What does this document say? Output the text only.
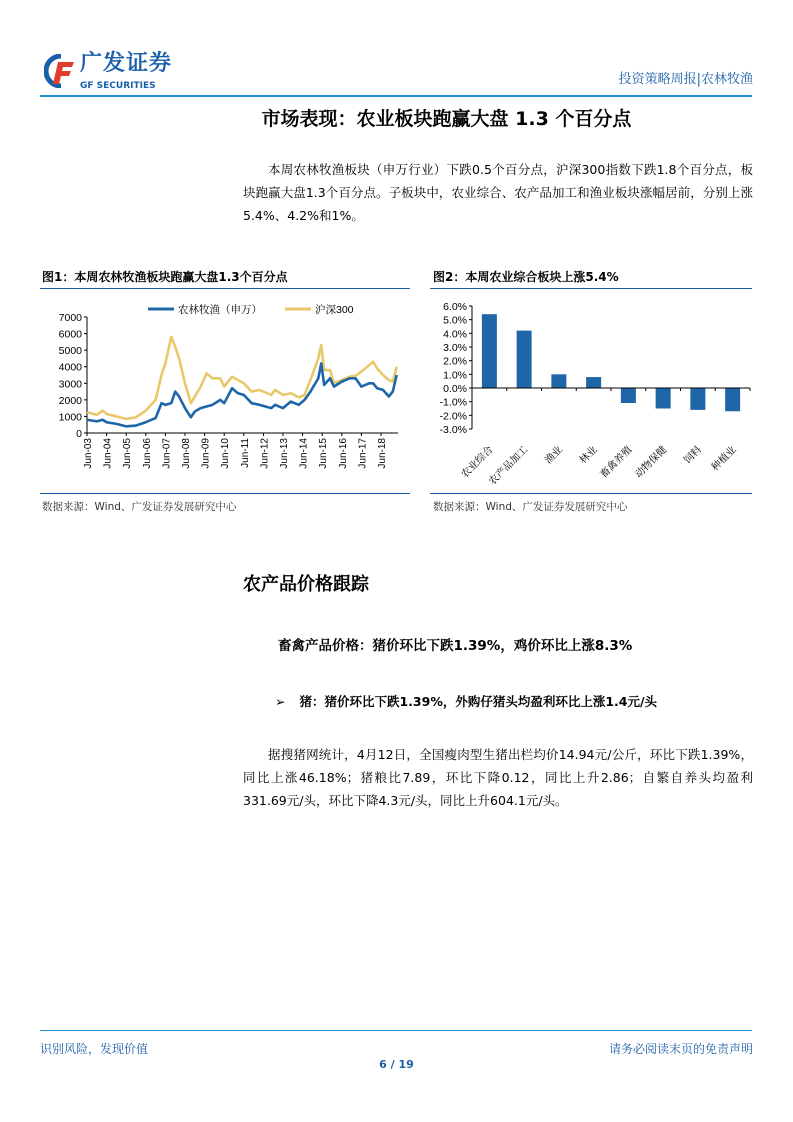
广发证券
GF SECURITIES	投资策略周报|农林牧渔
市场表现：农业板块跑赢大盘 1.3 个百分点
本周农林牧渔板块（申万行业）下跌0.5个百分点，沪深300指数下跌1.8个百分点，板块跑赢大盘1.3个百分点。子板块中，农业综合、农产品加工和渔业板块涨幅居前，分别上涨5.4%、4.2%和1%。
图1：本周农林牧渔板块跑赢大盘1.3个百分点	图2：本周农业综合板块上涨5.4%
0
1000
2000
3000
4000
5000
6000
7000
Jun-03 Jun-04 Jun-05 Jun-06 Jun-07 Jun-08 Jun-09 Jun-10 Jun-11 Jun-12 Jun-13 Jun-14 Jun-15 Jun-16 Jun-17 Jun-18
农林牧渔（申万）	沪深300	6.0%
5.0%
4.0%
3.0%
2.0%
1.0%
0.0%
-1.0%
-2.0%
-3.0%
农业综合
农产品加工 渔业 林业
畜禽养殖
动物保健 饲料 种植业
数据来源：Wind、广发证券发展研究中心	数据来源：Wind、广发证券发展研究中心
农产品价格跟踪
畜禽产品价格：猪价环比下跌1.39%，鸡价环比上涨8.3%
➢ 猪：猪价环比下跌1.39%，外购仔猪头均盈利环比上涨1.4元/头
据搜猪网统计，4月12日，全国瘦肉型生猪出栏均价14.94元/公斤，环比下跌1.39%，同比上涨46.18%；猪粮比7.89，环比下降0.12，同比上升2.86；自繁自养头均盈利331.69元/头，环比下降4.3元/头，同比上升604.1元/头。
识别风险，发现价值	请务必阅读末页的免责声明
6 / 19
